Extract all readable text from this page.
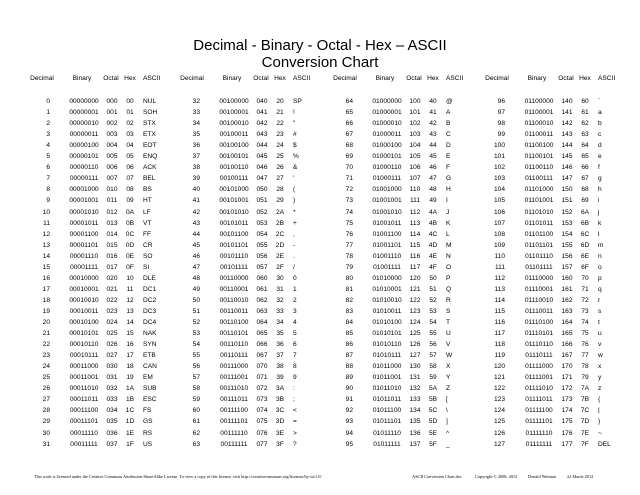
Decimal - Binary - Octal - Hex – ASCII
Conversion Chart
Decimal	Binary Octal Hex ASCII
0	00000000 000 00 NUL
1	00000001 001 01 SOH
2	00000010 002 02 STX
3	00000011 003 03 ETX
4	00000100 004 04 EOT
5	00000101 005 05 ENQ
6	00000110 006 06 ACK
7	00000111 007 07 BEL
8	00001000 010 08 BS
9	00001001 011 09 HT
10	00001010 012 0A LF
11	00001011 013 0B VT
12	00001100 014 0C FF
13	00001101 015 0D CR
14	00001110 016 0E SO
15	00001111 017 0F SI
16	00010000 020 10 DLE
17	00010001 021 11 DC1
18	00010010 022 12 DC2
19	00010011 023 13 DC3
20	00010100 024 14 DC4
21	00010101 025 15 NAK
22	00010110 026 16 SYN
23	00010111 027 17 ETB
24	00011000 030 18 CAN
25	00011001 031 19 EM
26	00011010 032 1A SUB
27	00011011 033 1B ESC
28	00011100 034 1C FS
29	00011101 035 1D GS
30	00011110 036 1E RS
31	00011111 037 1F US
Decimal	Binary Octal Hex ASCII
32	00100000 040 20 SP
33	00100001 041 21 !
34	00100010 042 22 "
35	00100011 043 23 #
36	00100100 044 24 $
37	00100101 045 25 %
38	00100110 046 26 &
39	00100111 047 27 '
40	00101000 050 28 (
41	00101001 051 29 )
42	00101010 052 2A *
43	00101011 053 2B +
44	00101100 054 2C ,
45	00101101 055 2D -
46	00101110 056 2E .
47	00101111 057 2F /
48	00110000 060 30 0
49	00110001 061 31 1
50	00110010 062 32 2
51	00110011 063 33 3
52	00110100 064 34 4
53	00110101 065 35 5
54	00110110 066 36 6
55	00110111 067 37 7
56	00111000 070 38 8
57	00111001 071 39 9
58	00111010 072 3A :
59	00111011 073 3B ;
60	00111100 074 3C <
61	00111101 075 3D =
62	00111110 076 3E >
63	00111111 077 3F ?
Decimal	Binary Octal Hex ASCII
64	01000000 100 40 @
65	01000001 101 41 A
66	01000010 102 42 B
67	01000011 103 43 C
68	01000100 104 44 D
69	01000101 105 45 E
70	01000110 106 46 F
71	01000111 107 47 G
72	01001000 110 48 H
73	01001001 111 49 I
74	01001010 112 4A J
75	01001011 113 4B K
76	01001100 114 4C L
77	01001101 115 4D M
78	01001110 116 4E N
79	01001111 117 4F O
80	01010000 120 50 P
81	01010001 121 51 Q
82	01010010 122 52 R
83	01010011 123 53 S
84	01010100 124 54 T
85	01010101 125 55 U
86	01010110 126 56 V
87	01010111 127 57 W
88	01011000 130 58 X
89	01011001 131 59 Y
90	01011010 132 5A Z
91	01011011 133 5B [
92	01011100 134 5C \
93	01011101 135 5D ]
94	01011110 136 5E ^
95	01011111 137 5F _
Decimal	Binary Octal Hex ASCII
96	01100000 140 60 `
97	01100001 141 61 a
98	01100010 142 62 b
99	01100011 143 63 c
100	01100100 144 64 d
101	01100101 145 65 e
102	01100110 146 66 f
103	01100111 147 67 g
104	01101000 150 68 h
105	01101001 151 69 i
106	01101010 152 6A j
107	01101011 153 6B k
108	01101100 154 6C l
109	01101101 155 6D m
110	01101110 156 6E n
111	01101111 157 6F o
112	01110000 160 70 p
113	01110001 161 71 q
114	01110010 162 72 r
115	01110011 163 73 s
116	01110100 164 74 t
117	01110101 165 75 u
118	01110110 166 76 v
119	01110111 167 77 w
120	01111000 170 78 x
121	01111001 171 79 y
122	01111010 172 7A z
123	01111011 173 7B {
124	01111100 174 7C |
125	01111101 175 7D }
126	01111110 176 7E ~
127	01111111 177 7F DEL
This work is licensed under the Creative Commons Attribution-ShareAlike License. To view a copy of this license, visit http://creativecommons.org/licenses/by-sa/1.0/	ASCII Conversion Chart.doc	Copyright © 2008, 2012	Donald Weiman	22 March 2012
